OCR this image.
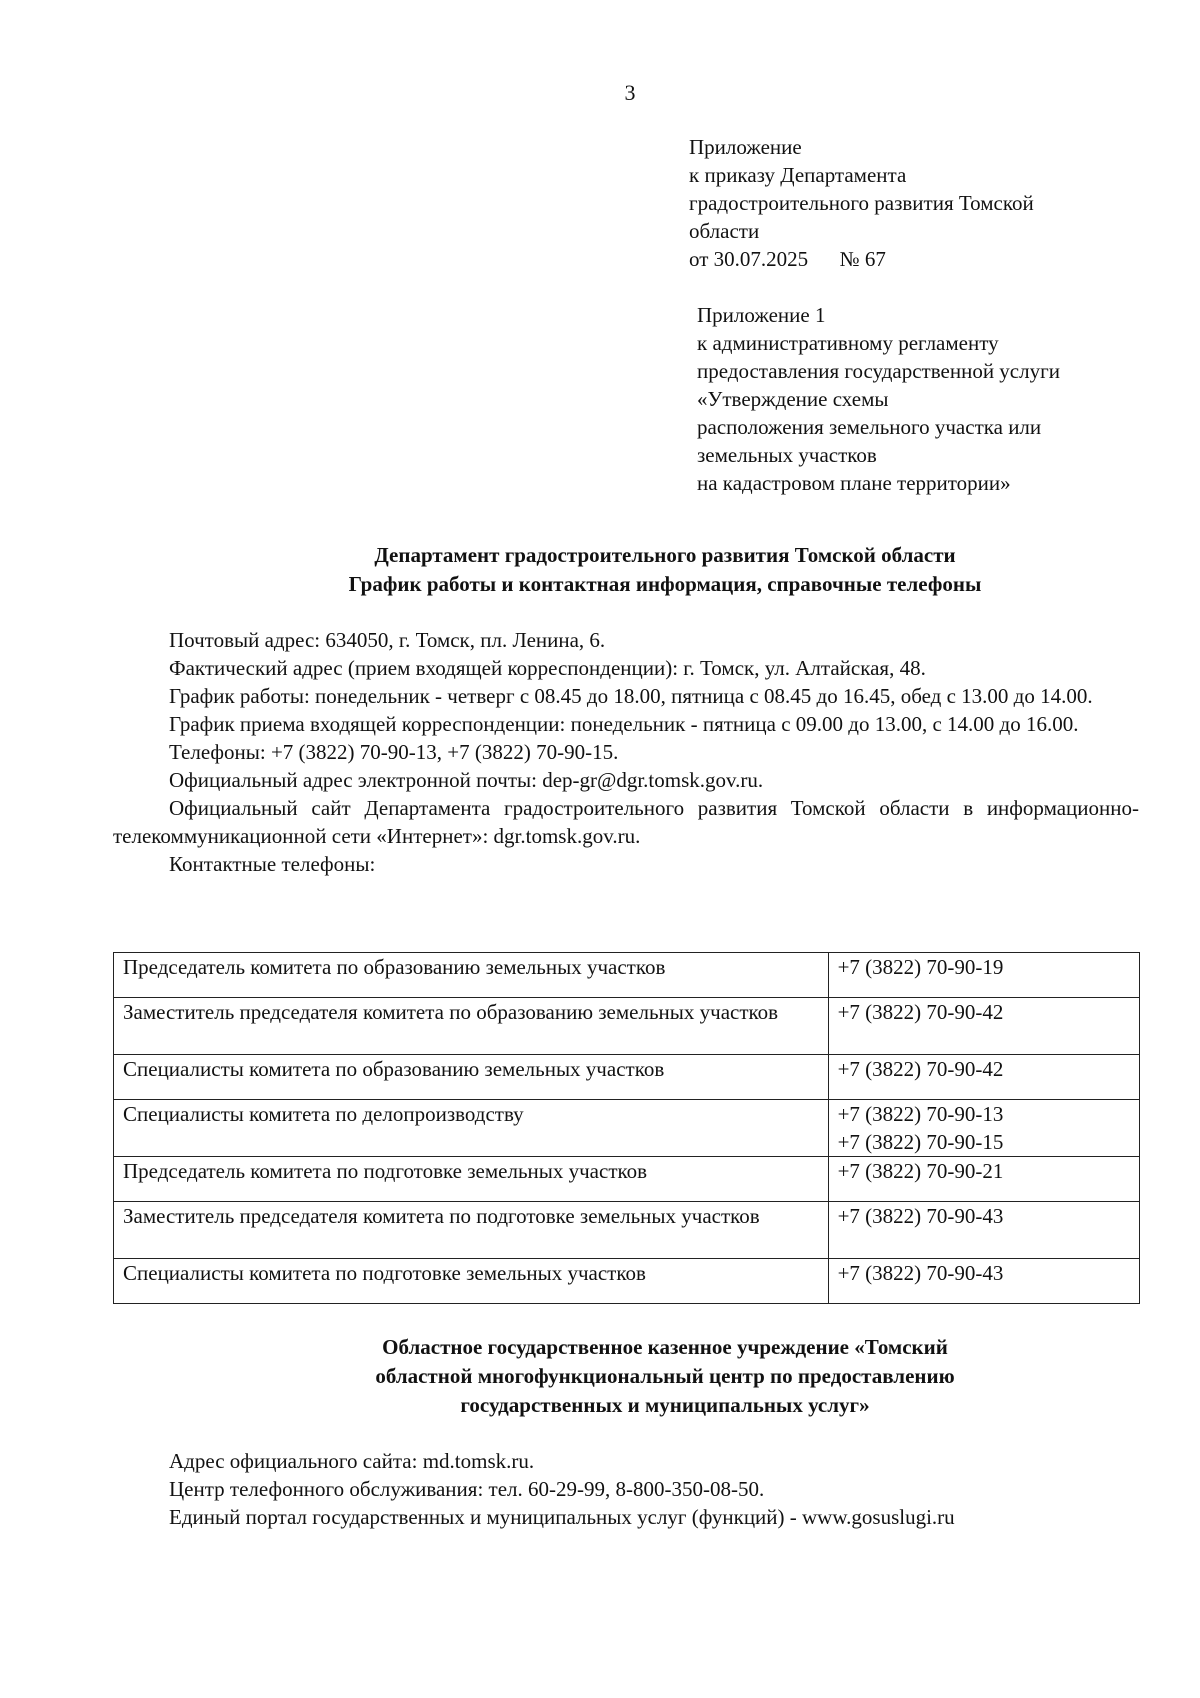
3
Приложение
к приказу Департамента
градостроительного развития Томской
области
от 30.07.2025      № 67
Приложение 1
к административному регламенту
предоставления государственной услуги
«Утверждение схемы
расположения земельного участка или
земельных участков
на кадастровом плане территории»
Департамент градостроительного развития Томской области
График работы и контактная информация, справочные телефоны

Почтовый адрес: 634050, г. Томск, пл. Ленина, 6.

Фактический адрес (прием входящей корреспонденции): г. Томск, ул. Алтайская, 48.

График работы: понедельник - четверг с 08.45 до 18.00, пятница с 08.45 до 16.45, обед с 13.00 до 14.00.

График приема входящей корреспонденции: понедельник - пятница с 09.00 до 13.00, с 14.00 до 16.00.

Телефоны: +7 (3822) 70-90-13, +7 (3822) 70-90-15.

Официальный адрес электронной почты: dep-gr@dgr.tomsk.gov.ru.

Официальный сайт Департамента градостроительного развития Томской области в информационно-телекоммуникационной сети «Интернет»: dgr.tomsk.gov.ru.

Контактные телефоны:

Председатель комитета по образованию земельных участков	+7 (3822) 70-90-19

Заместитель председателя комитета по образованию земельных участков	+7 (3822) 70-90-42

Специалисты комитета по образованию земельных участков	+7 (3822) 70-90-42

Специалисты комитета по делопроизводству	+7 (3822) 70-90-13
+7 (3822) 70-90-15

Председатель комитета по подготовке земельных участков	+7 (3822) 70-90-21

Заместитель председателя комитета по подготовке земельных участков	+7 (3822) 70-90-43

Специалисты комитета по подготовке земельных участков	+7 (3822) 70-90-43
Областное государственное казенное учреждение «Томский
областной многофункциональный центр по предоставлению
государственных и муниципальных услуг»

Адрес официального сайта: md.tomsk.ru.

Центр телефонного обслуживания: тел. 60-29-99, 8-800-350-08-50.

Единый портал государственных и муниципальных услуг (функций) - www.gosuslugi.ru
